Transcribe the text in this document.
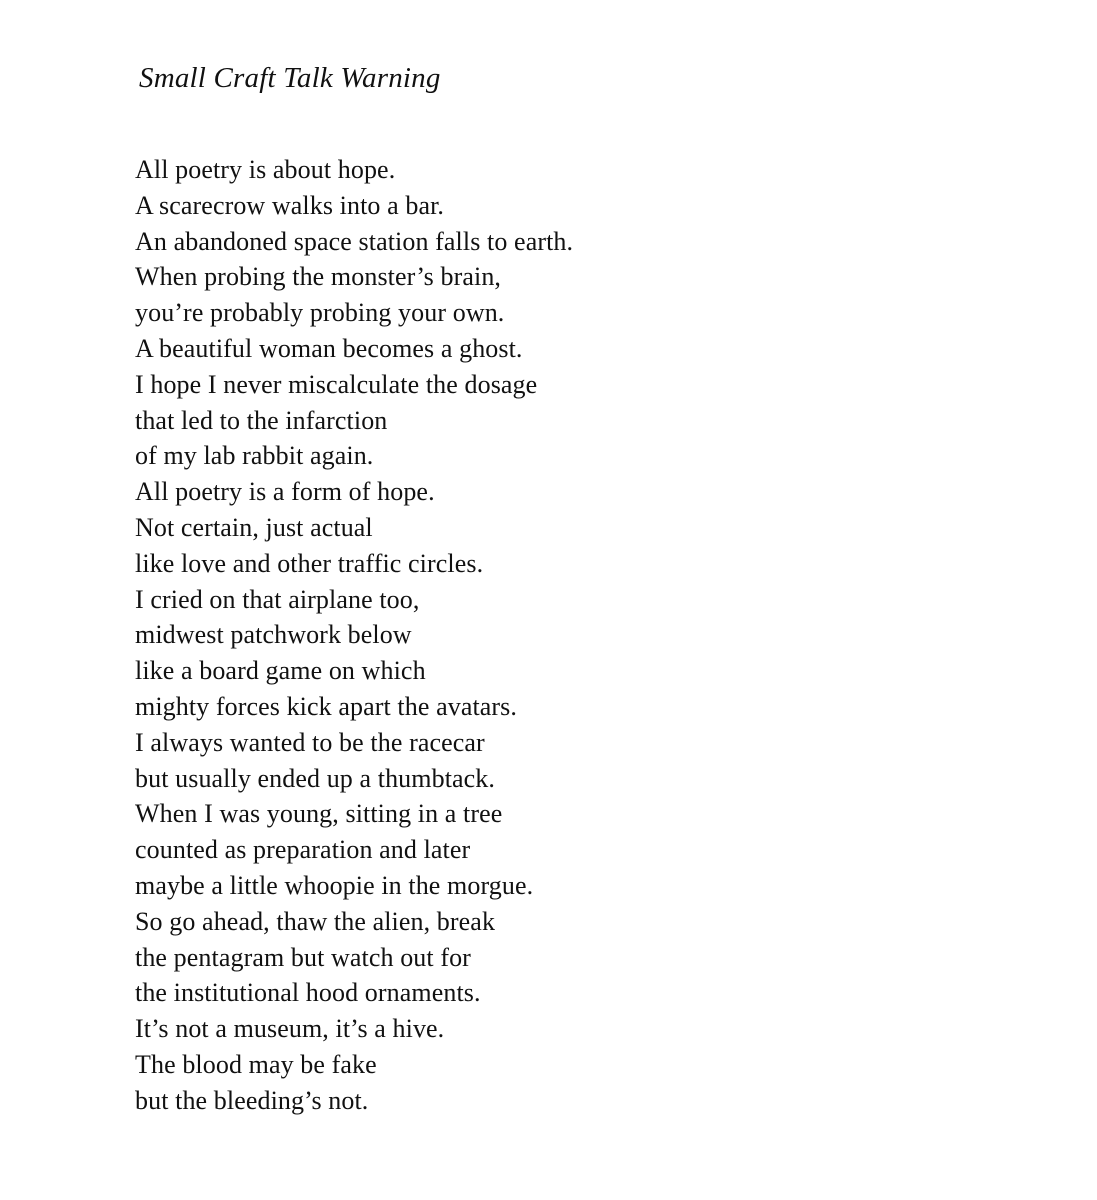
Small Craft Talk Warning
All poetry is about hope.
A scarecrow walks into a bar.
An abandoned space station falls to earth.
When probing the monster’s brain,
you’re probably probing your own.
A beautiful woman becomes a ghost.
I hope I never miscalculate the dosage
that led to the infarction
of my lab rabbit again.
All poetry is a form of hope.
Not certain, just actual
like love and other traffic circles.
I cried on that airplane too,
midwest patchwork below
like a board game on which
mighty forces kick apart the avatars.
I always wanted to be the racecar
but usually ended up a thumbtack.
When I was young, sitting in a tree
counted as preparation and later
maybe a little whoopie in the morgue.
So go ahead, thaw the alien, break
the pentagram but watch out for
the institutional hood ornaments.
It’s not a museum, it’s a hive.
The blood may be fake
but the bleeding’s not.
